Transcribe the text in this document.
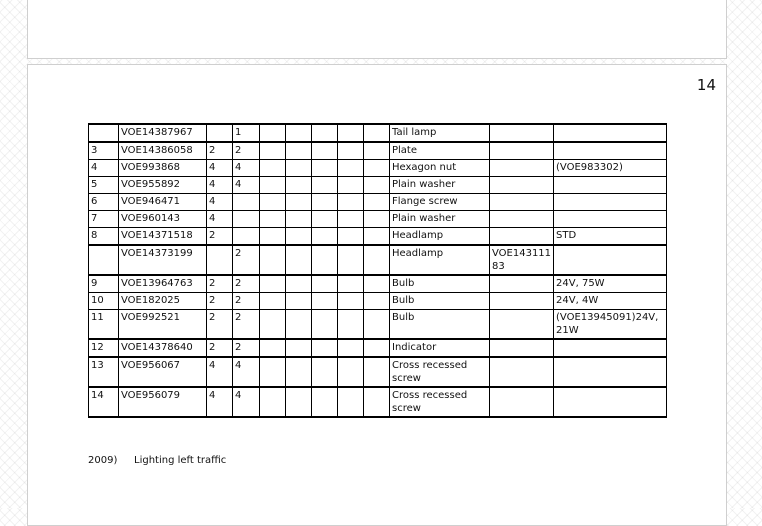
14
	VOE14387967		1						Tail lamp		
3	VOE14386058	2	2						Plate		
4	VOE993868	4	4						Hexagon nut		(VOE983302)
5	VOE955892	4	4						Plain washer		
6	VOE946471	4							Flange screw		
7	VOE960143	4							Plain washer		
8	VOE14371518	2							Headlamp		STD
	VOE14373199		2						Headlamp	VOE143111 83	
9	VOE13964763	2	2						Bulb		24V, 75W
10	VOE182025	2	2						Bulb		24V, 4W
11	VOE992521	2	2						Bulb		(VOE13945091)24V, 21W
12	VOE14378640	2	2						Indicator		
13	VOE956067	4	4						Cross recessed screw		
14	VOE956079	4	4						Cross recessed screw		
2009) Lighting left traffic
